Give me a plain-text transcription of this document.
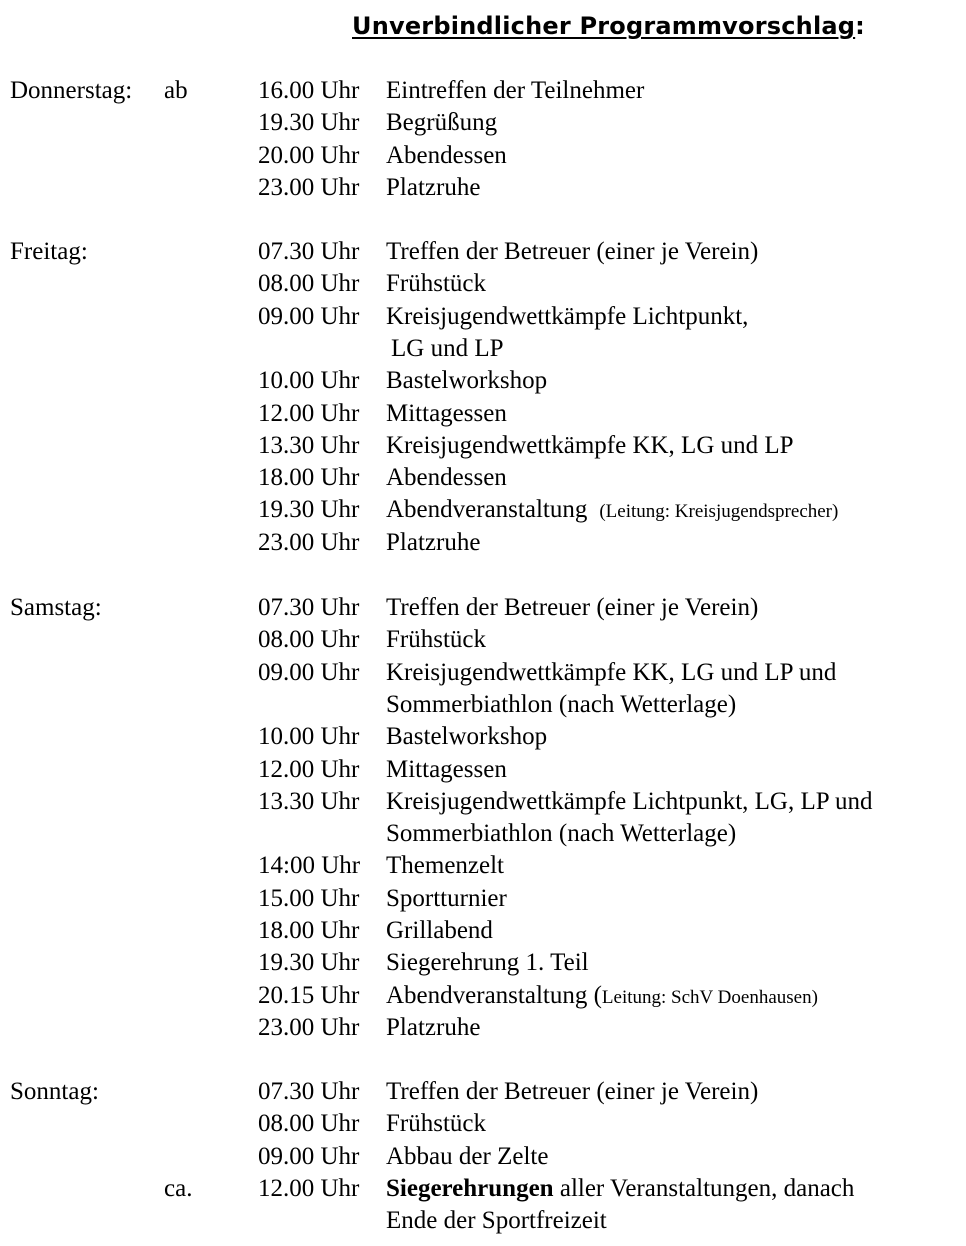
Unverbindlicher Programmvorschlag:
Donnerstag: ab	16.00 Uhr Eintreffen der Teilnehmer
19.30 Uhr Begrüßung
20.00 Uhr Abendessen
23.00 Uhr Platzruhe
Freitag:	07.30 Uhr Treffen der Betreuer (einer je Verein)
08.00 Uhr Frühstück
09.00 Uhr Kreisjugendwettkämpfe Lichtpunkt,
LG und LP
10.00 Uhr Bastelworkshop
12.00 Uhr Mittagessen
13.30 Uhr Kreisjugendwettkämpfe KK, LG und LP
18.00 Uhr Abendessen
19.30 Uhr Abendveranstaltung (Leitung: Kreisjugendsprecher)
23.00 Uhr Platzruhe
Samstag:	07.30 Uhr Treffen der Betreuer (einer je Verein)
08.00 Uhr Frühstück
09.00 Uhr Kreisjugendwettkämpfe KK, LG und LP und
Sommerbiathlon (nach Wetterlage)
10.00 Uhr Bastelworkshop
12.00 Uhr Mittagessen
13.30 Uhr Kreisjugendwettkämpfe Lichtpunkt, LG, LP und
Sommerbiathlon (nach Wetterlage)
14:00 Uhr Themenzelt
15.00 Uhr Sportturnier
18.00 Uhr Grillabend
19.30 Uhr Siegerehrung 1. Teil
20.15 Uhr Abendveranstaltung (Leitung: SchV Doenhausen)
23.00 Uhr Platzruhe
Sonntag:	07.30 Uhr Treffen der Betreuer (einer je Verein)
08.00 Uhr Frühstück
09.00 Uhr Abbau der Zelte
ca.	12.00 Uhr Siegerehrungen aller Veranstaltungen, danach
Ende der Sportfreizeit
